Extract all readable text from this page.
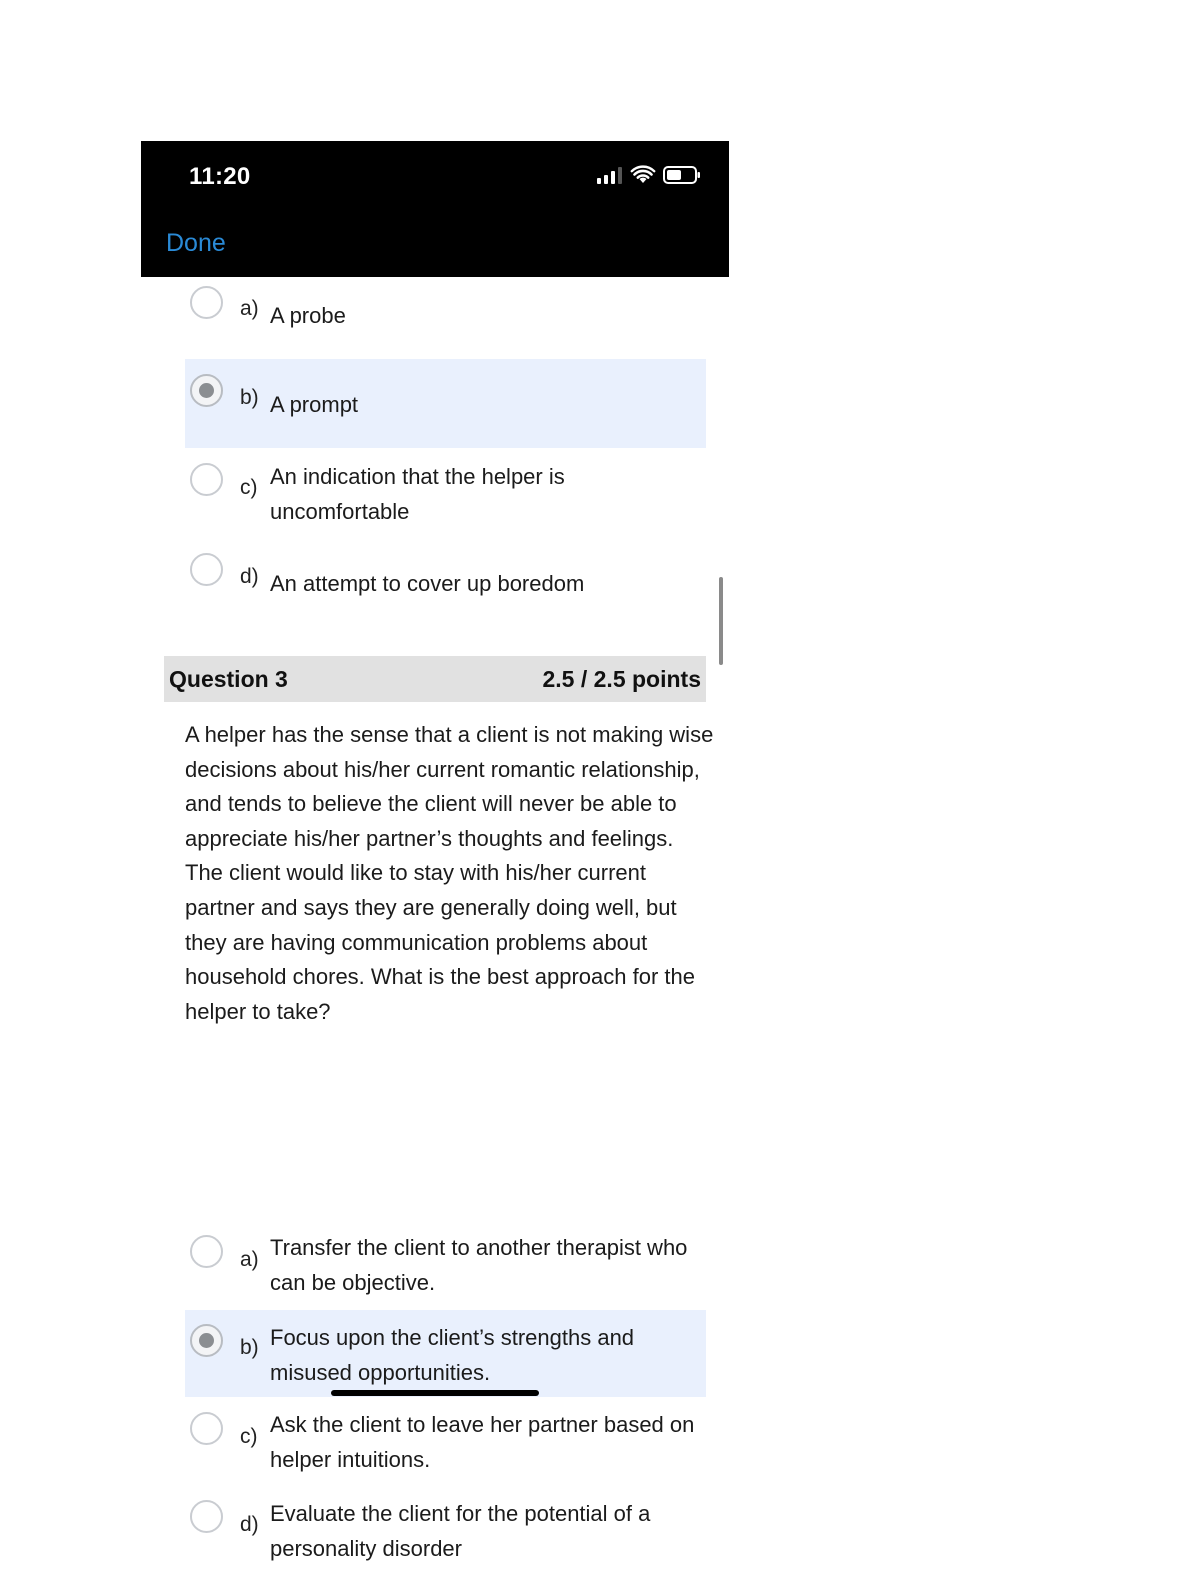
11:20
Done
a) A probe
b) A prompt
c) An indication that the helper is uncomfortable
d) An attempt to cover up boredom
Question 3	2.5 / 2.5 points
A helper has the sense that a client is not making wise decisions about his/her current romantic relationship, and tends to believe the client will never be able to appreciate his/her partner’s thoughts and feelings. The client would like to stay with his/her current partner and says they are generally doing well, but they are having communication problems about household chores. What is the best approach for the helper to take?
a) Transfer the client to another therapist who can be objective.
b) Focus upon the client’s strengths and misused opportunities.
c) Ask the client to leave her partner based on helper intuitions.
d) Evaluate the client for the potential of a personality disorder
